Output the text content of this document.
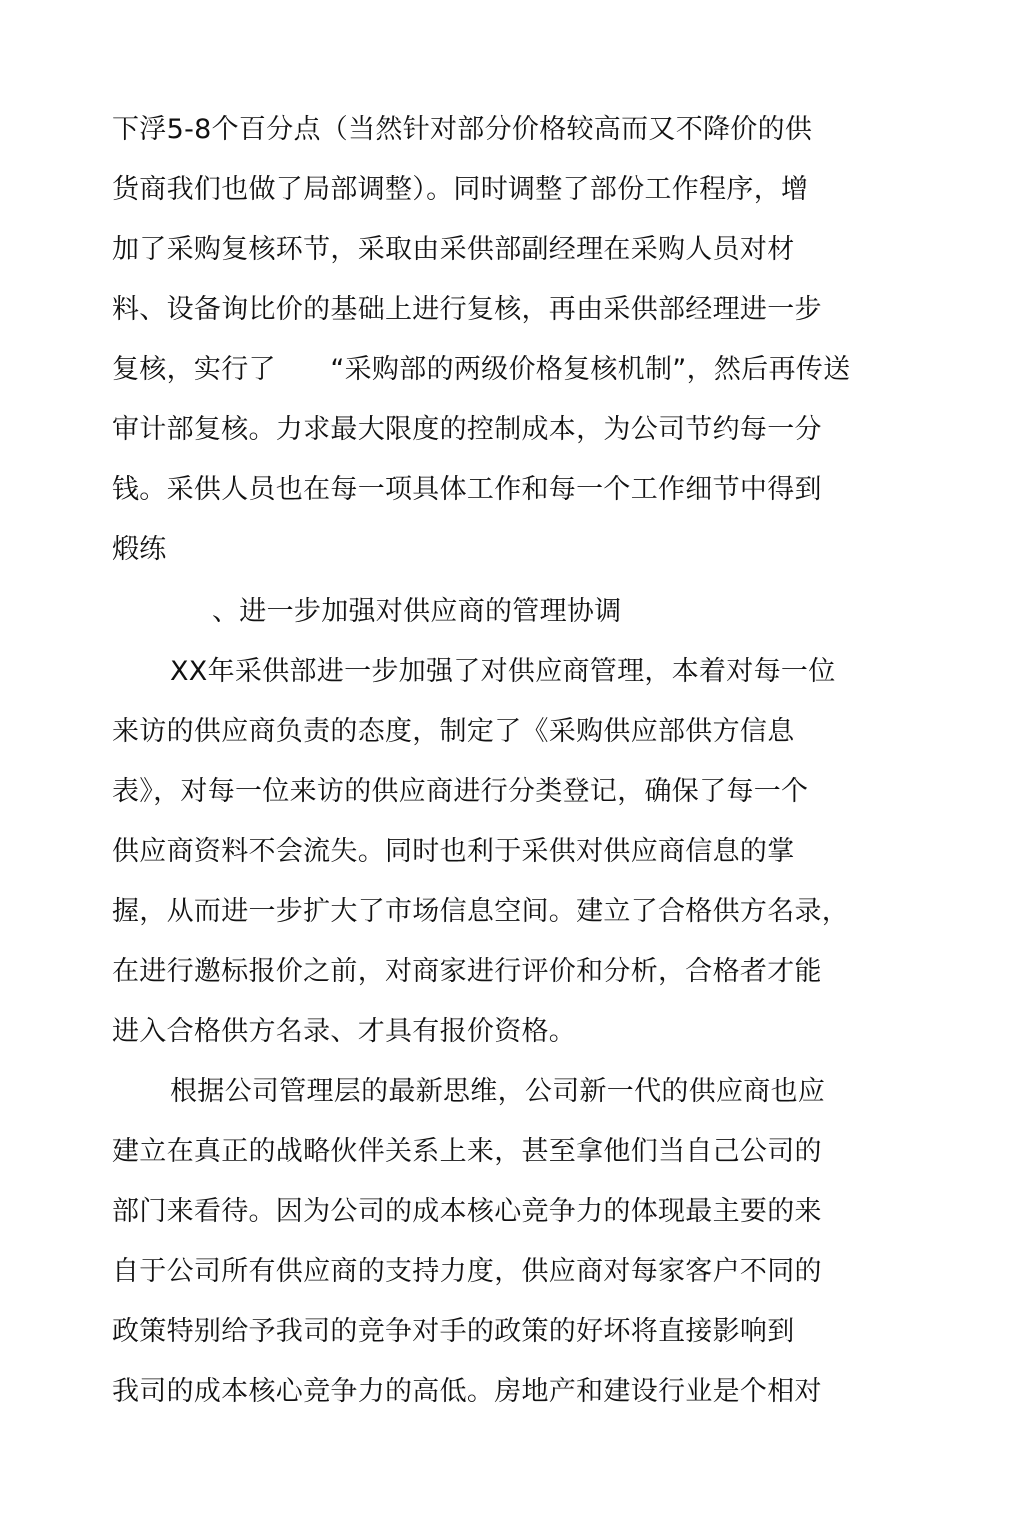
下浮5-8个百分点（当然针对部分价格较高而又不降价的供
货商我们也做了局部调整）。同时调整了部份工作程序，增
加了采购复核环节，采取由采供部副经理在采购人员对材
料、设备询比价的基础上进行复核，再由采供部经理进一步
复核，实行了　　“采购部的两级价格复核机制”，然后再传送
审计部复核。力求最大限度的控制成本，为公司节约每一分
钱。采供人员也在每一项具体工作和每一个工作细节中得到
煅练
、进一步加强对供应商的管理协调
XX年采供部进一步加强了对供应商管理，本着对每一位
来访的供应商负责的态度，制定了《采购供应部供方信息
表》，对每一位来访的供应商进行分类登记，确保了每一个
供应商资料不会流失。同时也利于采供对供应商信息的掌
握，从而进一步扩大了市场信息空间。建立了合格供方名录，
在进行邀标报价之前，对商家进行评价和分析，合格者才能
进入合格供方名录、才具有报价资格。
根据公司管理层的最新思维，公司新一代的供应商也应
建立在真正的战略伙伴关系上来，甚至拿他们当自己公司的
部门来看待。因为公司的成本核心竞争力的体现最主要的来
自于公司所有供应商的支持力度，供应商对每家客户不同的
政策特别给予我司的竞争对手的政策的好坏将直接影响到
我司的成本核心竞争力的高低。房地产和建设行业是个相对
